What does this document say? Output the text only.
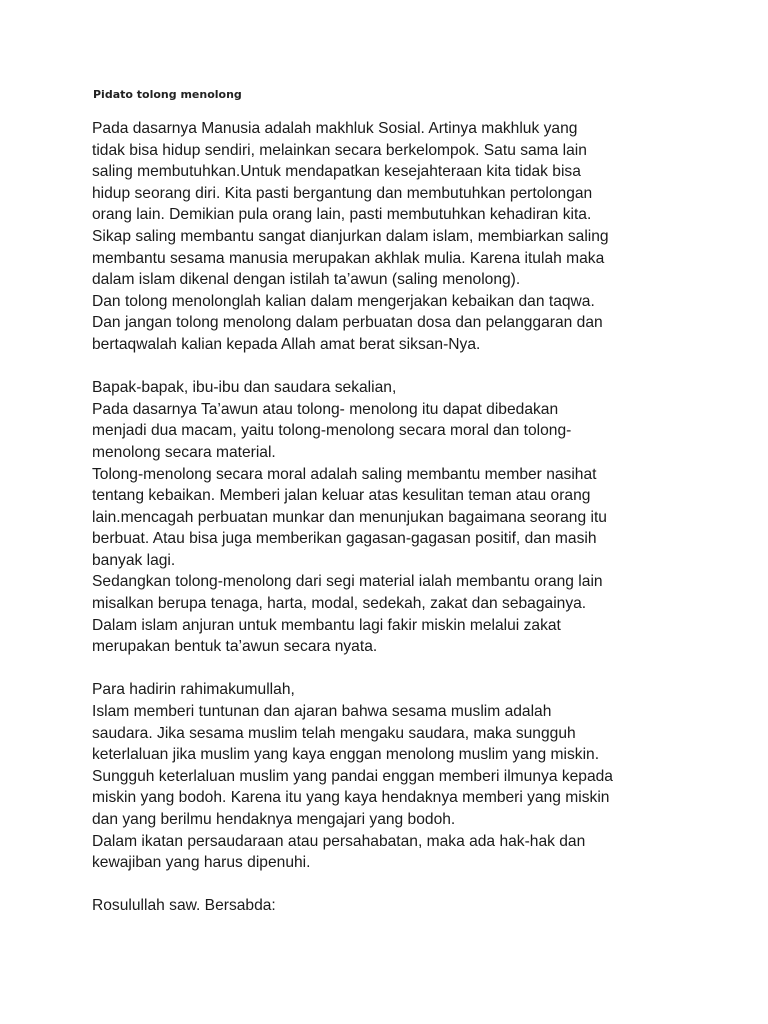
Pidato tolong menolong

Pada dasarnya Manusia adalah makhluk Sosial. Artinya makhluk yang
tidak bisa hidup sendiri, melainkan secara berkelompok. Satu sama lain
saling membutuhkan.Untuk mendapatkan kesejahteraan kita tidak bisa
hidup seorang diri. Kita pasti bergantung dan membutuhkan pertolongan
orang lain. Demikian pula orang lain, pasti membutuhkan kehadiran kita.
Sikap saling membantu sangat dianjurkan dalam islam, membiarkan saling
membantu sesama manusia merupakan akhlak mulia. Karena itulah maka
dalam islam dikenal dengan istilah ta’awun (saling menolong).
Dan tolong menolonglah kalian dalam mengerjakan kebaikan dan taqwa.
Dan jangan tolong menolong dalam perbuatan dosa dan pelanggaran dan
bertaqwalah kalian kepada Allah amat berat siksan-Nya.

Bapak-bapak, ibu-ibu dan saudara sekalian,
Pada dasarnya Ta’awun atau tolong- menolong itu dapat dibedakan
menjadi dua macam, yaitu tolong-menolong secara moral dan tolong-
menolong secara material.
Tolong-menolong secara moral adalah saling membantu member nasihat
tentang kebaikan. Memberi jalan keluar atas kesulitan teman atau orang
lain.mencagah perbuatan munkar dan menunjukan bagaimana seorang itu
berbuat. Atau bisa juga memberikan gagasan-gagasan positif, dan masih
banyak lagi.
Sedangkan tolong-menolong dari segi material ialah membantu orang lain
misalkan berupa tenaga, harta, modal, sedekah, zakat dan sebagainya.
Dalam islam anjuran untuk membantu lagi fakir miskin melalui zakat
merupakan bentuk ta’awun secara nyata.

Para hadirin rahimakumullah,
Islam memberi tuntunan dan ajaran bahwa sesama muslim adalah
saudara. Jika sesama muslim telah mengaku saudara, maka sungguh
keterlaluan jika muslim yang kaya enggan menolong muslim yang miskin.
Sungguh keterlaluan muslim yang pandai enggan memberi ilmunya kepada
miskin yang bodoh. Karena itu yang kaya hendaknya memberi yang miskin
dan yang berilmu hendaknya mengajari yang bodoh.
Dalam ikatan persaudaraan atau persahabatan, maka ada hak-hak dan
kewajiban yang harus dipenuhi.

Rosulullah saw. Bersabda:
